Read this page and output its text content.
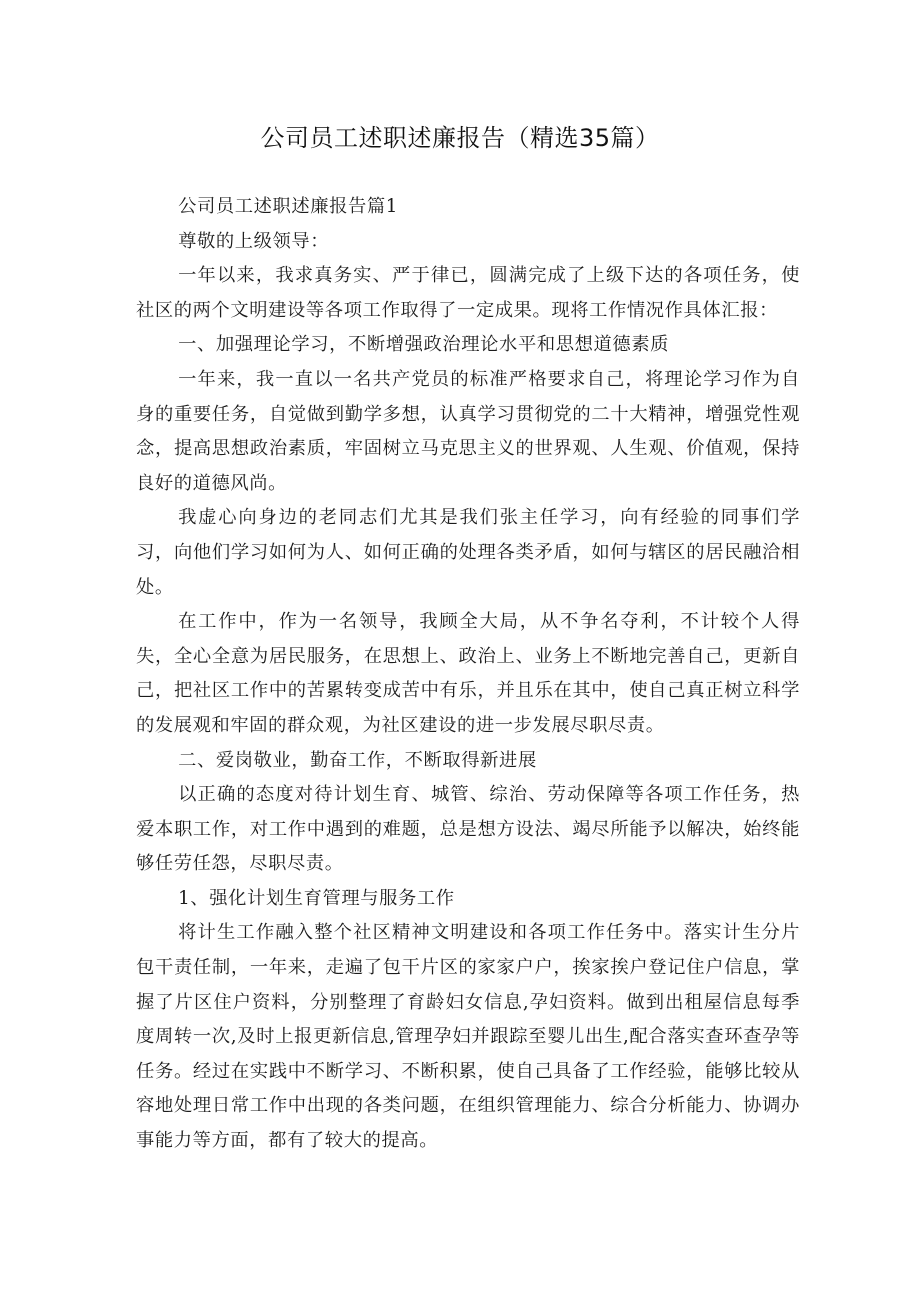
公司员工述职述廉报告（精选35篇）

公司员工述职述廉报告篇1

尊敬的上级领导：

一年以来，我求真务实、严于律已，圆满完成了上级下达的各项任务，使社区的两个文明建设等各项工作取得了一定成果。现将工作情况作具体汇报：

一、加强理论学习，不断增强政治理论水平和思想道德素质

一年来，我一直以一名共产党员的标准严格要求自己，将理论学习作为自身的重要任务，自觉做到勤学多想，认真学习贯彻党的二十大精神，增强党性观念，提高思想政治素质，牢固树立马克思主义的世界观、人生观、价值观，保持良好的道德风尚。

我虚心向身边的老同志们尤其是我们张主任学习，向有经验的同事们学习，向他们学习如何为人、如何正确的处理各类矛盾，如何与辖区的居民融洽相处。

在工作中，作为一名领导，我顾全大局，从不争名夺利，不计较个人得失，全心全意为居民服务，在思想上、政治上、业务上不断地完善自己，更新自己，把社区工作中的苦累转变成苦中有乐，并且乐在其中，使自己真正树立科学的发展观和牢固的群众观，为社区建设的进一步发展尽职尽责。

二、爱岗敬业，勤奋工作，不断取得新进展

以正确的态度对待计划生育、城管、综治、劳动保障等各项工作任务，热爱本职工作，对工作中遇到的难题，总是想方设法、竭尽所能予以解决，始终能够任劳任怨，尽职尽责。

1、强化计划生育管理与服务工作

将计生工作融入整个社区精神文明建设和各项工作任务中。落实计生分片包干责任制，一年来，走遍了包干片区的家家户户，挨家挨户登记住户信息，掌握了片区住户资料，分别整理了育龄妇女信息,孕妇资料。做到出租屋信息每季度周转一次,及时上报更新信息,管理孕妇并跟踪至婴儿出生,配合落实查环查孕等任务。经过在实践中不断学习、不断积累，使自己具备了工作经验，能够比较从容地处理日常工作中出现的各类问题，在组织管理能力、综合分析能力、协调办事能力等方面，都有了较大的提高。
